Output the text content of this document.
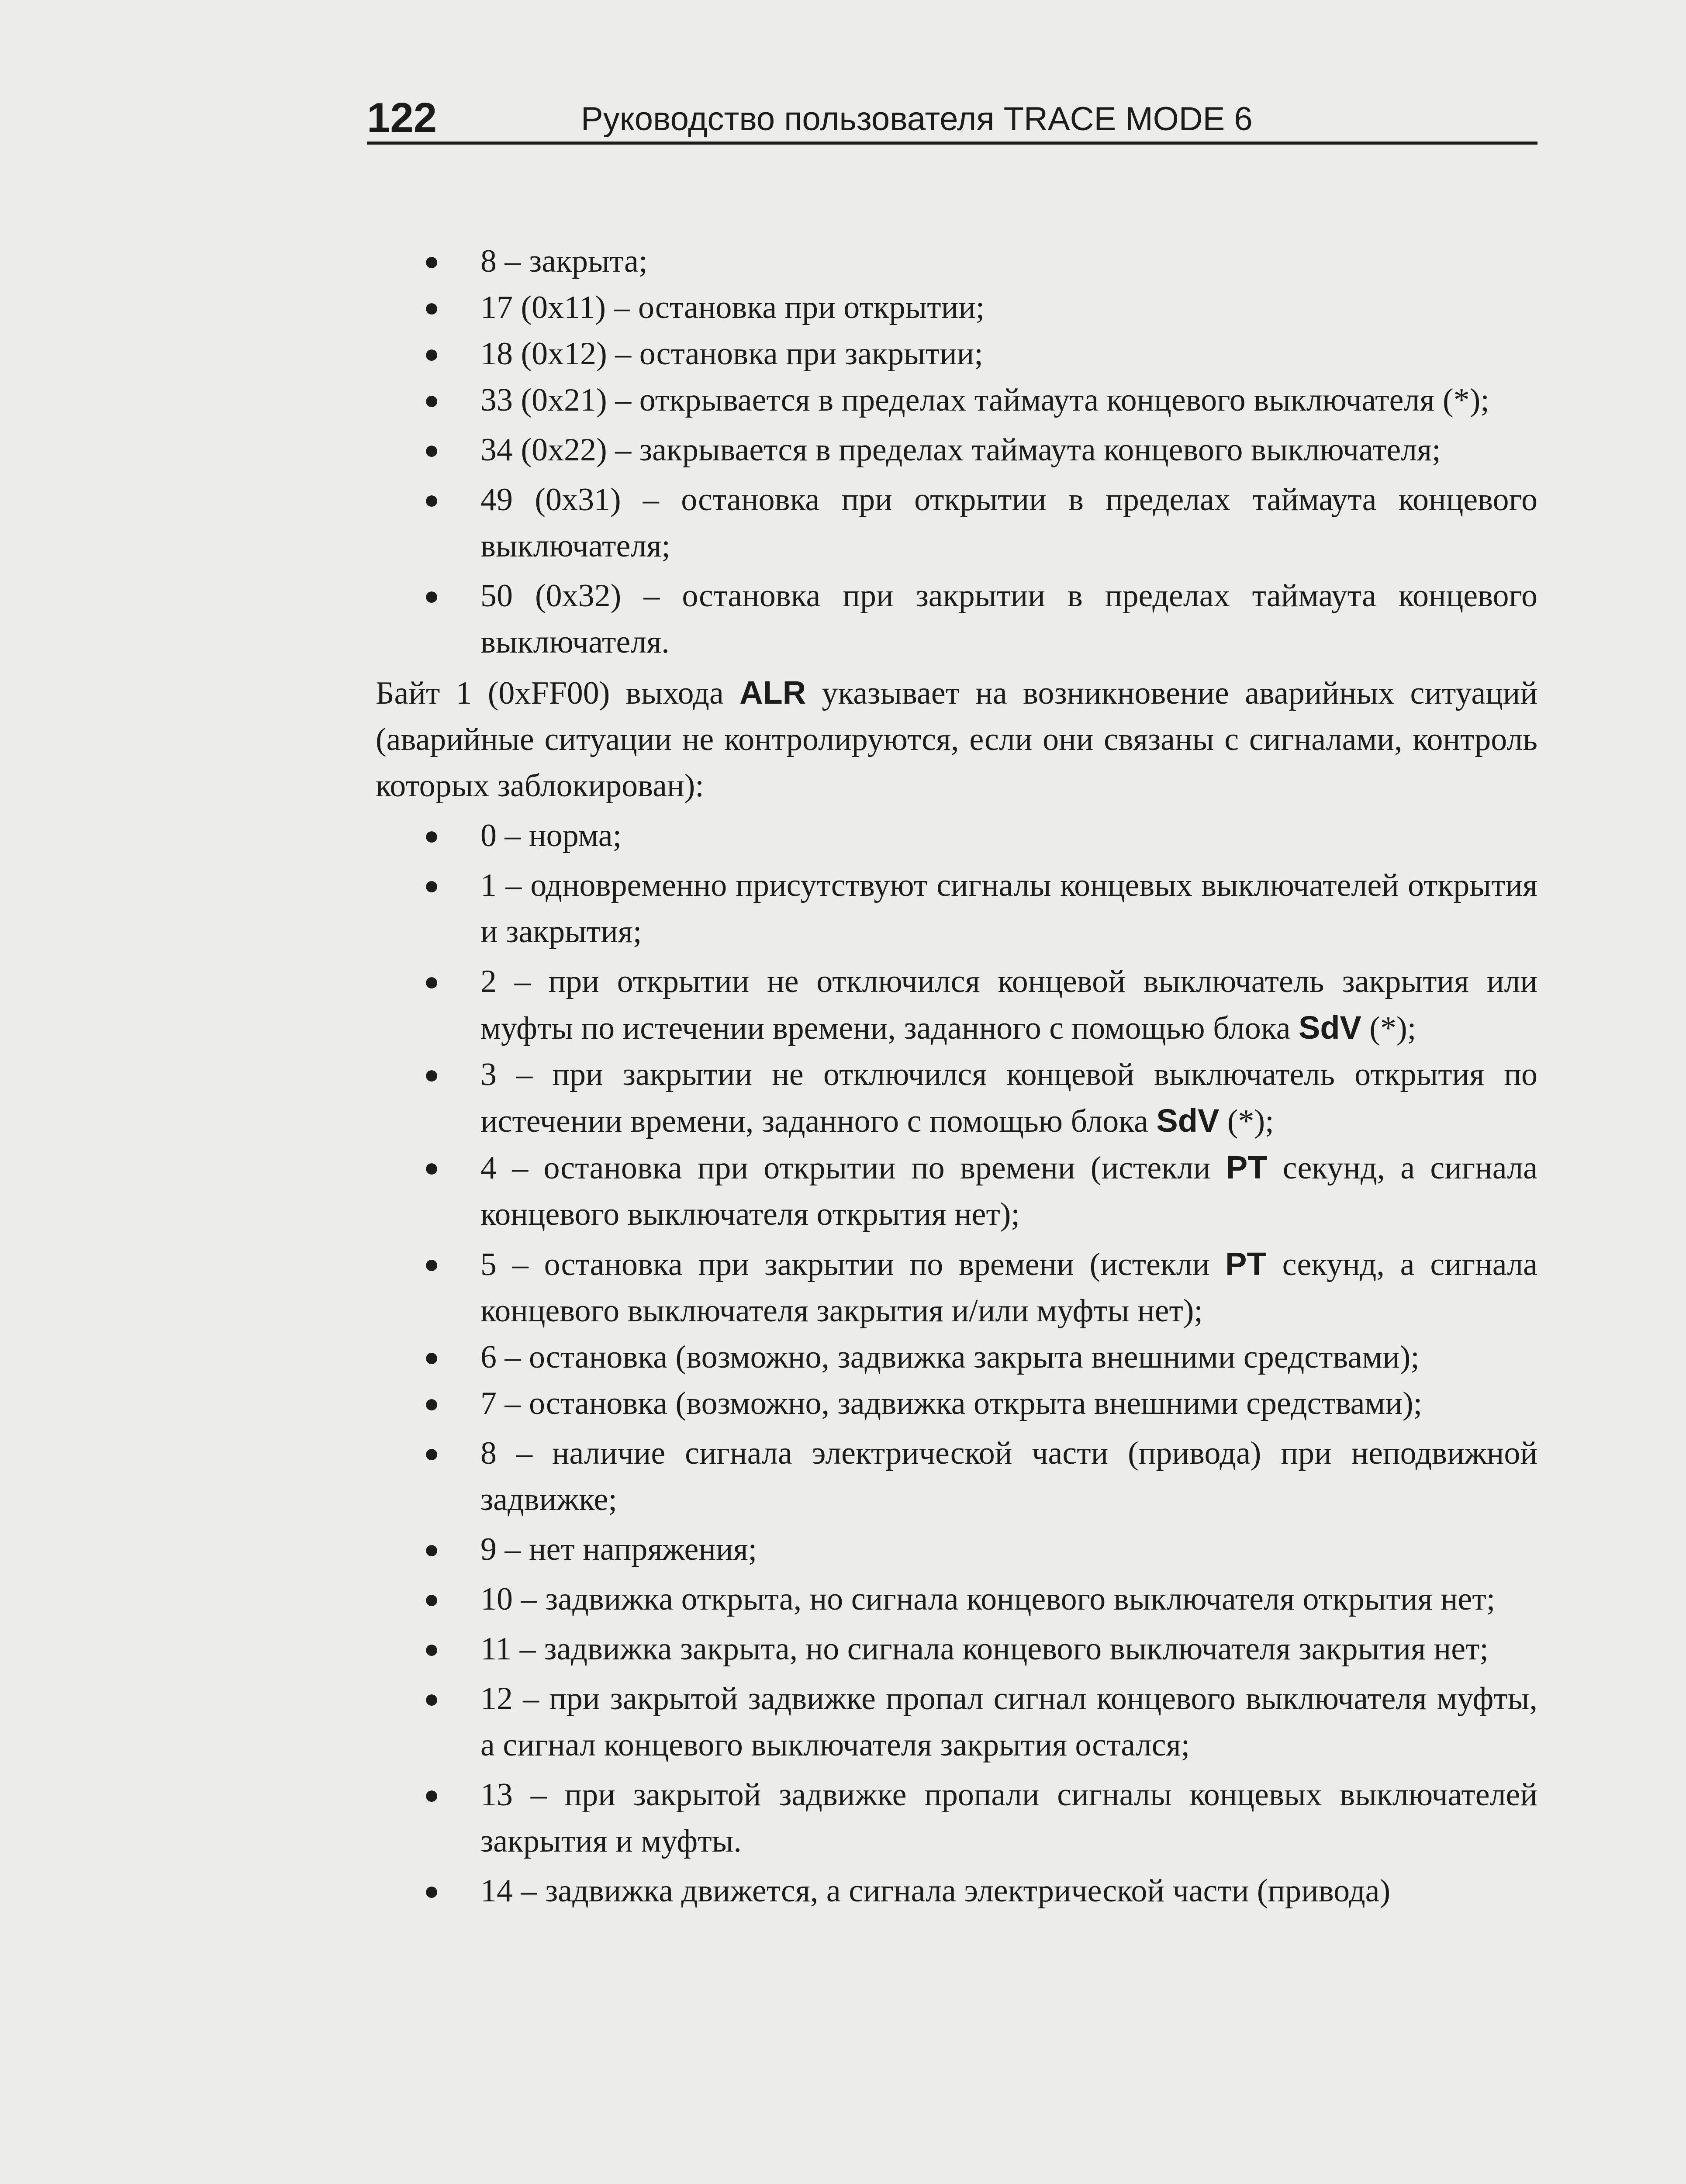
122	Руководство пользователя TRACE MODE 6
● 8 – закрыта;
● 17 (0x11) – остановка при открытии;
● 18 (0x12) – остановка при закрытии;
● 33 (0x21) – открывается в пределах таймаута концевого выключателя (*);
● 34 (0x22) – закрывается в пределах таймаута концевого выключателя;
● 49 (0x31) – остановка при открытии в пределах таймаута концевого выключателя;
● 50 (0x32) – остановка при закрытии в пределах таймаута концевого выключателя.

Байт 1 (0xFF00) выхода ALR указывает на возникновение аварийных ситуаций (аварийные ситуации не контролируются, если они связаны с сигналами, контроль которых заблокирован):

● 0 – норма;
● 1 – одновременно присутствуют сигналы концевых выключателей открытия и закрытия;
● 2 – при открытии не отключился концевой выключатель закрытия или муфты по истечении времени, заданного с помощью блока SdV (*);
● 3 – при закрытии не отключился концевой выключатель открытия по истечении времени, заданного с помощью блока SdV (*);
● 4 – остановка при открытии по времени (истекли PT секунд, а сигнала концевого выключателя открытия нет);
● 5 – остановка при закрытии по времени (истекли PT секунд, а сигнала концевого выключателя закрытия и/или муфты нет);
● 6 – остановка (возможно, задвижка закрыта внешними средствами);
● 7 – остановка (возможно, задвижка открыта внешними средствами);
● 8 – наличие сигнала электрической части (привода) при неподвижной задвижке;
● 9 – нет напряжения;
● 10 – задвижка открыта, но сигнала концевого выключателя открытия нет;
● 11 – задвижка закрыта, но сигнала концевого выключателя закрытия нет;
● 12 – при закрытой задвижке пропал сигнал концевого выключателя муфты, а сигнал концевого выключателя закрытия остался;
● 13 – при закрытой задвижке пропали сигналы концевых выключателей закрытия и муфты.
● 14 – задвижка движется, а сигнала электрической части (привода)
